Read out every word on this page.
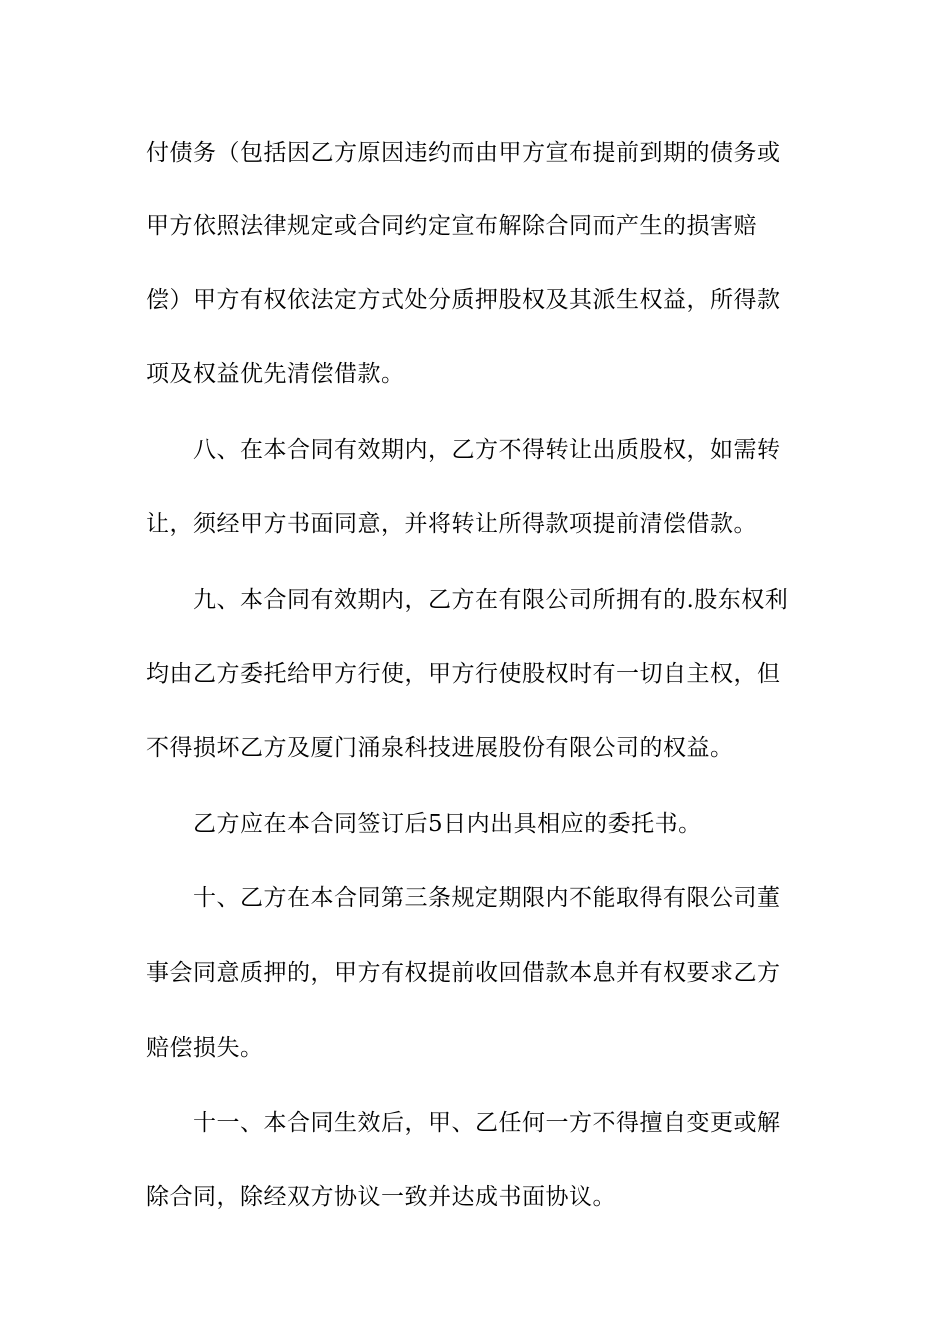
付债务（包括因乙方原因违约而由甲方宣布提前到期的债务或
甲方依照法律规定或合同约定宣布解除合同而产生的损害赔
偿）甲方有权依法定方式处分质押股权及其派生权益，所得款
项及权益优先清偿借款。
八、在本合同有效期内，乙方不得转让出质股权，如需转
让，须经甲方书面同意，并将转让所得款项提前清偿借款。
九、本合同有效期内，乙方在有限公司所拥有的.股东权利
均由乙方委托给甲方行使，甲方行使股权时有一切自主权，但
不得损坏乙方及厦门涌泉科技进展股份有限公司的权益。
乙方应在本合同签订后5日内出具相应的委托书。
十、乙方在本合同第三条规定期限内不能取得有限公司董
事会同意质押的，甲方有权提前收回借款本息并有权要求乙方
赔偿损失。
十一、本合同生效后，甲、乙任何一方不得擅自变更或解
除合同，除经双方协议一致并达成书面协议。
